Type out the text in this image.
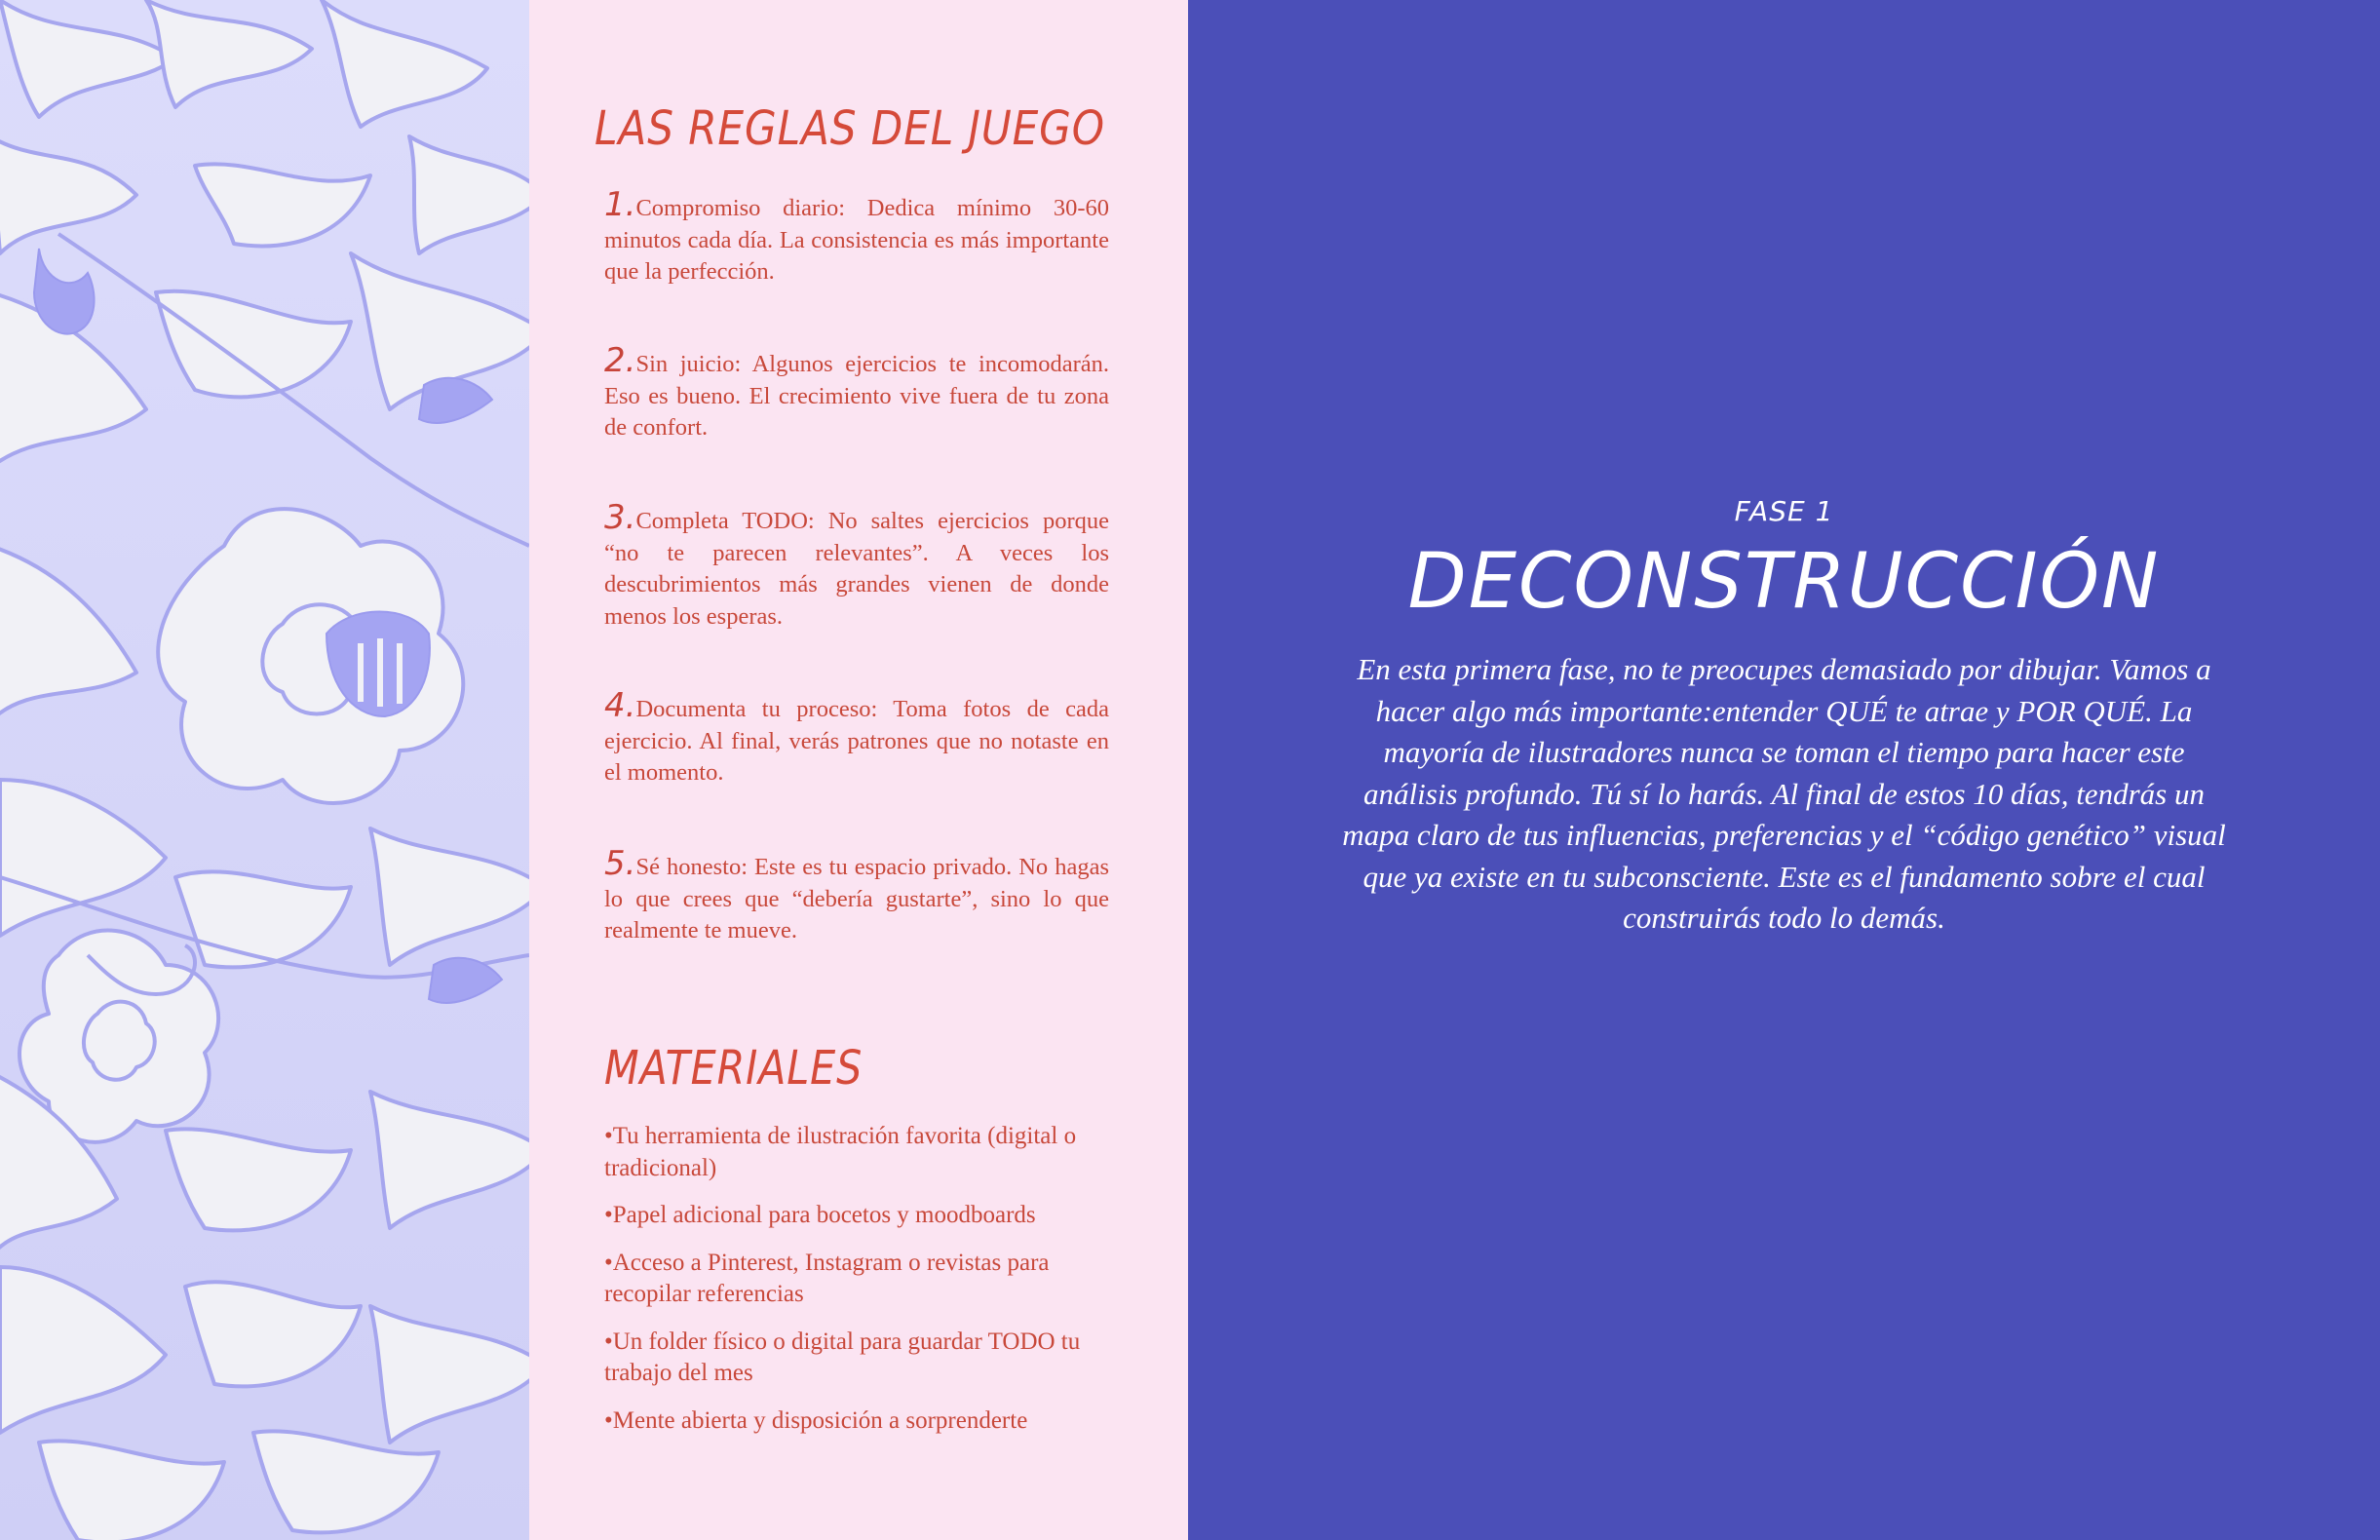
LAS REGLAS DEL JUEGO
1.Compromiso diario: Dedica mínimo 30-60 minutos cada día. La consistencia es más importante que la perfección.
2.Sin juicio: Algunos ejercicios te incomodarán. Eso es bueno. El crecimiento vive fuera de tu zona de confort.
3.Completa TODO: No saltes ejercicios porque “no te parecen relevantes”. A veces los descubrimientos más grandes vienen de donde menos los esperas.
4.Documenta tu proceso: Toma fotos de cada ejercicio. Al final, verás patrones que no notaste en el momento.
5.Sé honesto: Este es tu espacio privado. No hagas lo que crees que “debería gustarte”, sino lo que realmente te mueve.
MATERIALES
•Tu herramienta de ilustración favorita (digital o tradicional)
•Papel adicional para bocetos y moodboards
•Acceso a Pinterest, Instagram o revistas para recopilar referencias
•Un folder físico o digital para guardar TODO tu trabajo del mes
•Mente abierta y disposición a sorprenderte
FASE 1
DECONSTRUCCIÓN
En esta primera fase, no te preocupes demasiado por dibujar. Vamos a hacer algo más importante:entender QUÉ te atrae y POR QUÉ. La mayoría de ilustradores nunca se toman el tiempo para hacer este análisis profundo. Tú sí lo harás. Al final de estos 10 días, tendrás un mapa claro de tus influencias, preferencias y el “código genético” visual que ya existe en tu subconsciente. Este es el fundamento sobre el cual construirás todo lo demás.
